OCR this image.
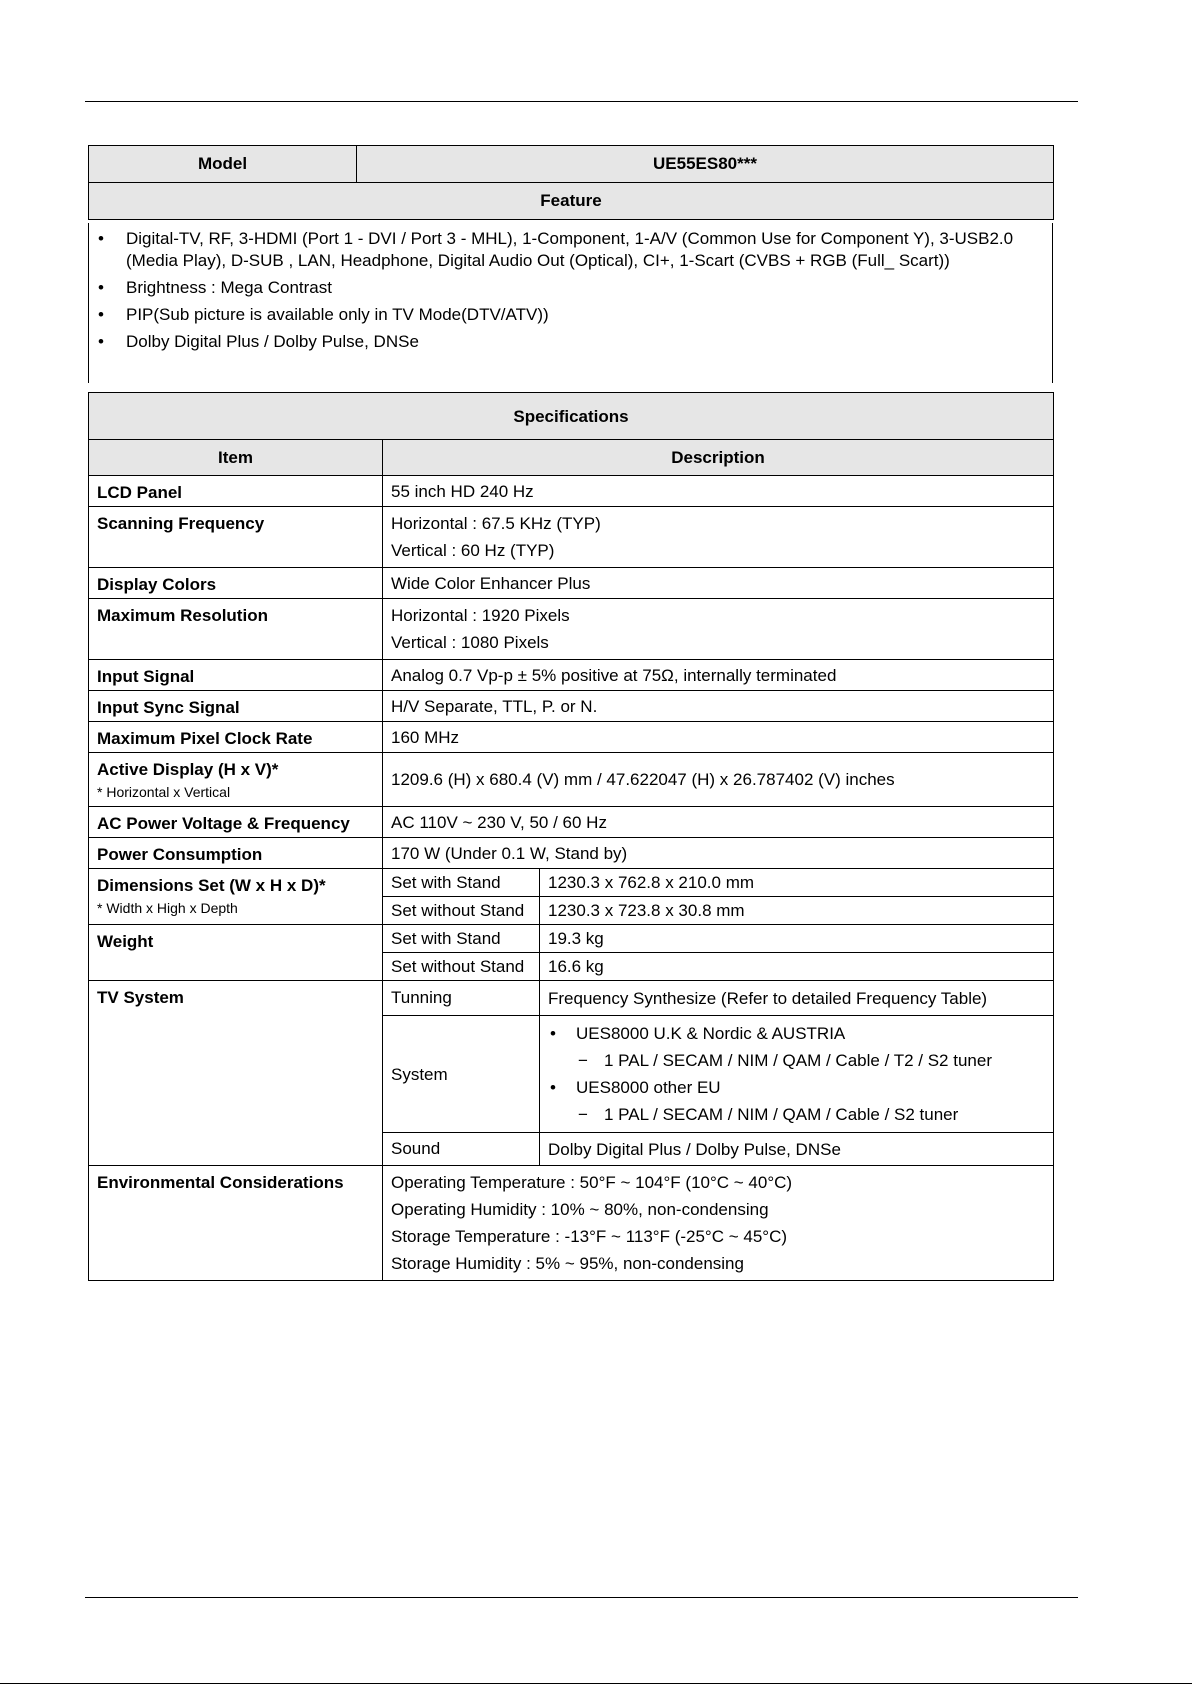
Model	UE55ES80***
Feature
• Digital-TV, RF, 3-HDMI (Port 1 - DVI / Port 3 - MHL), 1-Component, 1-A/V (Common Use for Component Y), 3-USB2.0 (Media Play), D-SUB , LAN, Headphone, Digital Audio Out (Optical), CI+, 1-Scart (CVBS + RGB (Full_ Scart))
• Brightness : Mega Contrast
• PIP(Sub picture is available only in TV Mode(DTV/ATV))
• Dolby Digital Plus / Dolby Pulse, DNSe
Specifications		
Item	Description	
LCD Panel	55 inch HD 240 Hz	
Scanning Frequency	Horizontal : 67.5 KHz (TYP)
Vertical : 60 Hz (TYP)	

Display Colors	Wide Color Enhancer Plus	
Maximum Resolution	Horizontal : 1920 Pixels
Vertical : 1080 Pixels	

Input Signal	Analog 0.7 Vp-p ± 5% positive at 75Ω, internally terminated	
Input Sync Signal	H/V Separate, TTL, P. or N.	
Maximum Pixel Clock Rate	160 MHz	
Active Display (H x V)*
* Horizontal x Vertical	1209.6 (H) x 680.4 (V) mm / 47.622047 (H) x 26.787402 (V) inches	
AC Power Voltage & Frequency	AC 110V ~ 230 V, 50 / 60 Hz	
Power Consumption	170 W (Under 0.1 W, Stand by)	
Dimensions Set (W x H x D)*
* Width x High x Depth	Set with Stand	1230.3 x 762.8 x 210.0 mm
	Set without Stand	1230.3 x 723.8 x 30.8 mm
Weight	Set with Stand	19.3 kg
	Set without Stand	16.6 kg
TV System	Tunning	Frequency Synthesize (Refer to detailed Frequency Table)
	System	• UES8000 U.K & Nordic & AUSTRIA
− 1 PAL / SECAM / NIM / QAM / Cable / T2 / S2 tuner
• UES8000 other EU
− 1 PAL / SECAM / NIM / QAM / Cable / S2 tuner

	Sound	Dolby Digital Plus / Dolby Pulse, DNSe
Environmental Considerations	Operating Temperature : 50°F ~ 104°F (10°C ~ 40°C)
Operating Humidity : 10% ~ 80%, non-condensing
Storage Temperature : -13°F ~ 113°F (-25°C ~ 45°C)
Storage Humidity : 5% ~ 95%, non-condensing	
